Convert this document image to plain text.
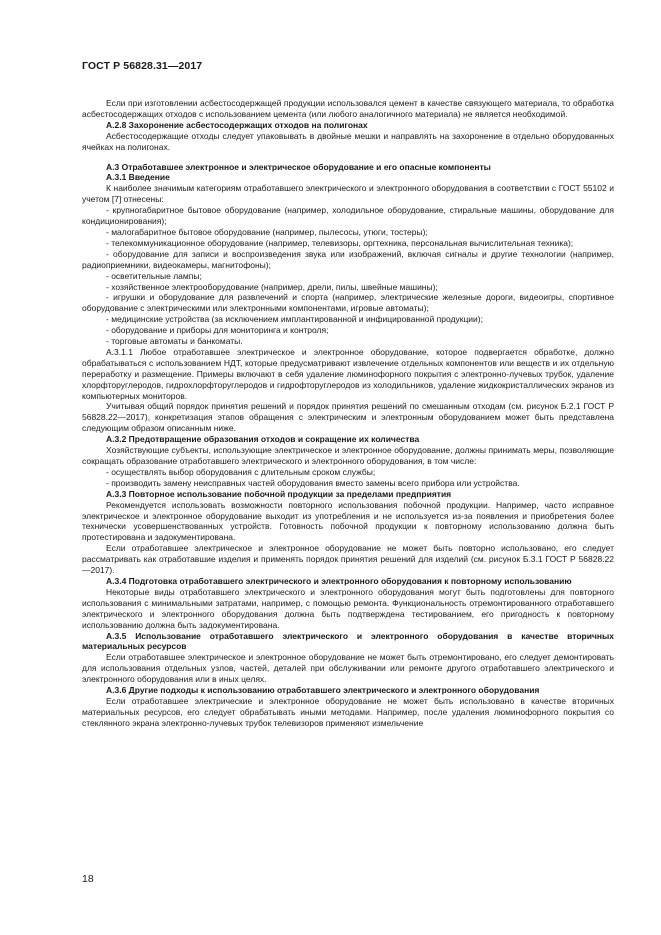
ГОСТ Р 56828.31—2017

Если при изготовлении асбестосодержащей продукции использовался цемент в качестве связующего материала, то обработка асбестосодержащих отходов с использованием цемента (или любого аналогичного материала) не является необходимой.

А.2.8 Захоронение асбестосодержащих отходов на полигонах

Асбестосодержащие отходы следует упаковывать в двойные мешки и направлять на захоронение в отдельно оборудованных ячейках на полигонах.

А.3 Отработавшее электронное и электрическое оборудование и его опасные компоненты

А.3.1 Введение

К наиболее значимым категориям отработавшего электрического и электронного оборудования в соответствии с ГОСТ 55102 и учетом [7] отнесены:

- крупногабаритное бытовое оборудование (например, холодильное оборудование, стиральные машины, оборудование для кондиционирования);

- малогабаритное бытовое оборудование (например, пылесосы, утюги, тостеры);

- телекоммуникационное оборудование (например, телевизоры, оргтехника, персональная вычислительная техника);

- оборудование для записи и воспроизведения звука или изображений, включая сигналы и другие технологии (например, радиоприемники, видеокамеры, магнитофоны);

- осветительные лампы;

- хозяйственное электрооборудование (например, дрели, пилы, швейные машины);

- игрушки и оборудование для развлечений и спорта (например, электрические железные дороги, видеоигры, спортивное оборудование с электрическими или электронными компонентами, игровые автоматы);

- медицинские устройства (за исключением имплантированной и инфицированной продукции);

- оборудование и приборы для мониторинга и контроля;

- торговые автоматы и банкоматы.

А.3.1.1 Любое отработавшее электрическое и электронное оборудование, которое подвергается обработке, должно обрабатываться с использованием НДТ, которые предусматривают извлечение отдельных компонентов или веществ и их отдельную переработку и размещение. Примеры включают в себя удаление люминофорного покрытия с электронно-лучевых трубок, удаление хлорфторуглеродов, гидрохлорфторуглеродов и гидрофторуглеродов из холодильников, удаление жидкокристаллических экранов из компьютерных мониторов.

Учитывая общий порядок принятия решений и порядок принятия решений по смешанным отходам (см. рисунок Б.2.1 ГОСТ Р 56828.22—2017), конкретизация этапов обращения с электрическим и электронным оборудованием может быть представлена следующим образом описанным ниже.

А.3.2 Предотвращение образования отходов и сокращение их количества

Хозяйствующие субъекты, использующие электрическое и электронное оборудование, должны принимать меры, позволяющие сокращать образование отработавшего электрического и электронного оборудования, в том числе:

- осуществлять выбор оборудования с длительным сроком службы;

- производить замену неисправных частей оборудования вместо замены всего прибора или устройства.

А.3.3 Повторное использование побочной продукции за пределами предприятия

Рекомендуется использовать возможности повторного использования побочной продукции. Например, часто исправное электрическое и электронное оборудование выходит из употребления и не используется из-за появления и приобретения более технически усовершенствованных устройств. Готовность побочной продукции к повторному использованию должна быть протестирована и задокументирована.

Если отработавшее электрическое и электронное оборудование не может быть повторно использовано, его следует рассматривать как отработавшие изделия и применять порядок принятия решений для изделий (см. рисунок Б.3.1 ГОСТ Р 56828.22—2017).

А.3.4 Подготовка отработавшего электрического и электронного оборудования к повторному использованию

Некоторые виды отработавшего электрического и электронного оборудования могут быть подготовлены для повторного использования с минимальными затратами, например, с помощью ремонта. Функциональность отремонтированного отработавшего электрического и электронного оборудования должна быть подтверждена тестированием, его пригодность к повторному использованию должна быть задокументирована.

А.3.5 Использование отработавшего электрического и электронного оборудования в качестве вторичных материальных ресурсов

Если отработавшее электрическое и электронное оборудование не может быть отремонтировано, его следует демонтировать для использования отдельных узлов, частей, деталей при обслуживании или ремонте другого отработавшего электрического и электронного оборудования или в иных целях.

А.3.6 Другие подходы к использованию отработавшего электрического и электронного оборудования

Если отработавшее электрические и электронное оборудование не может быть использовано в качестве вторичных материальных ресурсов, его следует обрабатывать иными методами. Например, после удаления люминофорного покрытия со стеклянного экрана электронно-лучевых трубок телевизоров применяют измельчение

18
